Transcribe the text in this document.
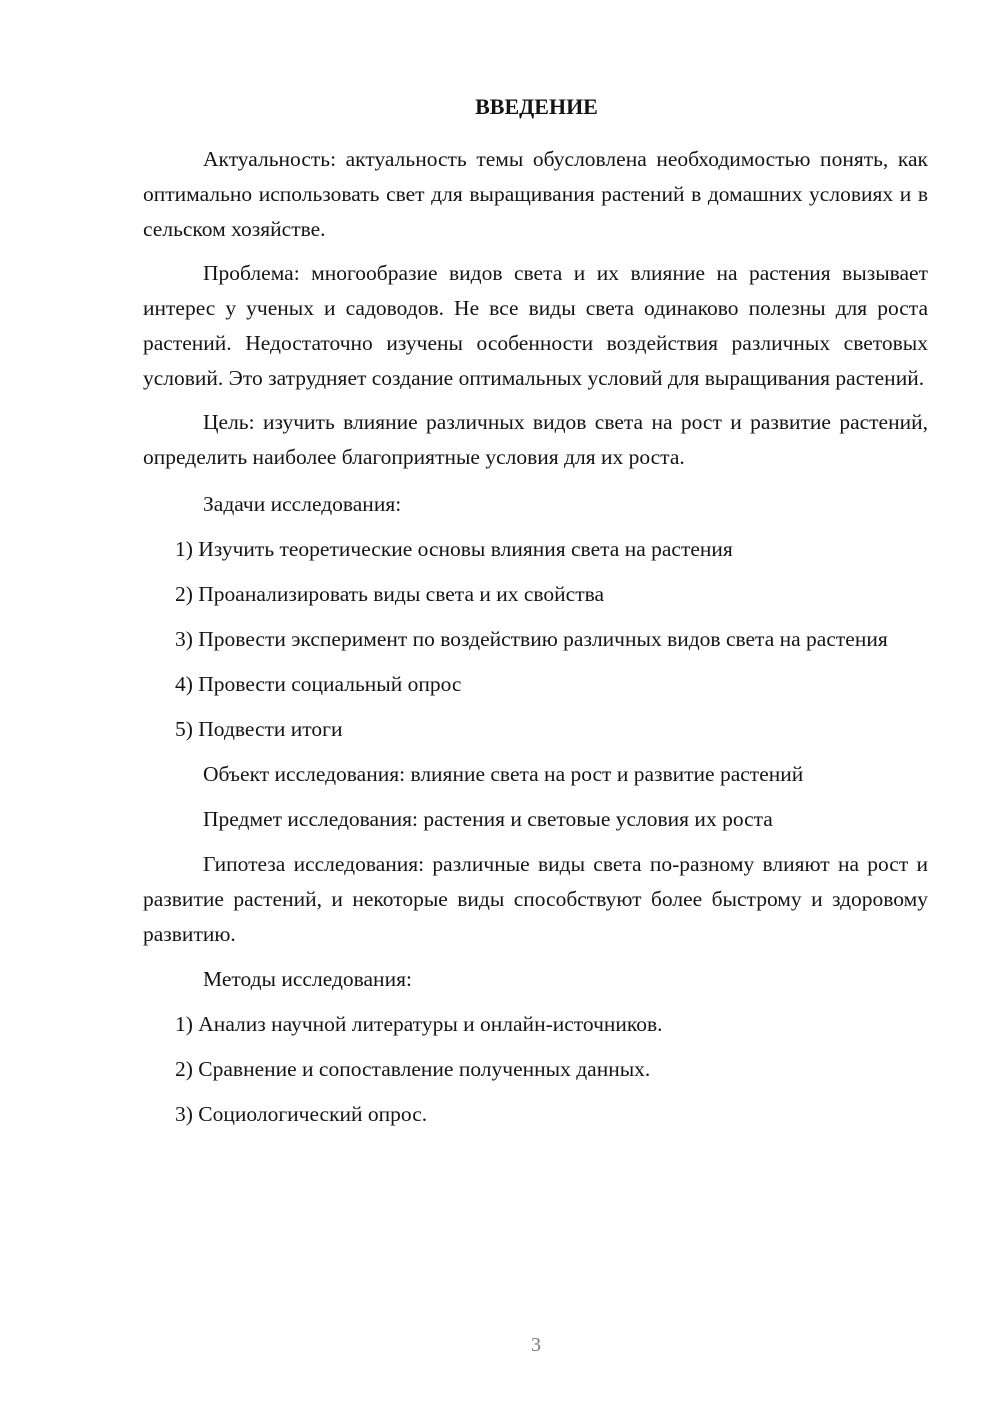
ВВЕДЕНИЕ

Актуальность: актуальность темы обусловлена необходимостью понять, как оптимально использовать свет для выращивания растений в домашних условиях и в сельском хозяйстве.

Проблема: многообразие видов света и их влияние на растения вызывает интерес у ученых и садоводов. Не все виды света одинаково полезны для роста растений. Недостаточно изучены особенности воздействия различных световых условий. Это затрудняет создание оптимальных условий для выращивания растений.

Цель: изучить влияние различных видов света на рост и развитие растений, определить наиболее благоприятные условия для их роста.

Задачи исследования:

1) Изучить теоретические основы влияния света на растения

2) Проанализировать виды света и их свойства

3) Провести эксперимент по воздействию различных видов света на растения

4) Провести социальный опрос

5) Подвести итоги

Объект исследования: влияние света на рост и развитие растений

Предмет исследования: растения и световые условия их роста

Гипотеза исследования: различные виды света по-разному влияют на рост и развитие растений, и некоторые виды способствуют более быстрому и здоровому развитию.

Методы исследования:

1) Анализ научной литературы и онлайн-источников.

2) Сравнение и сопоставление полученных данных.

3) Социологический опрос.

3
